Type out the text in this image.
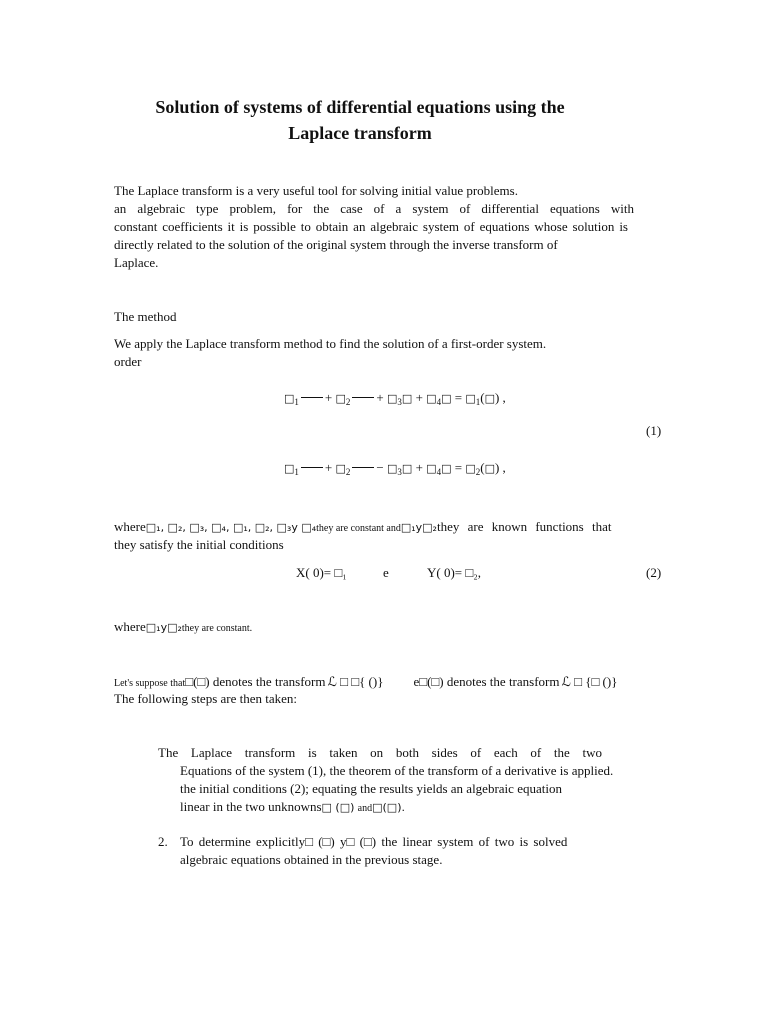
Solution of systems of differential equations using the
Laplace transform
The Laplace transform is a very useful tool for solving initial value problems.
an algebraic type problem, for the case of a system of differential equations with
constant coefficients it is possible to obtain an algebraic system of equations whose solution is
directly related to the solution of the original system through the inverse transform of
Laplace.
The method
We apply the Laplace transform method to find the solution of a first-order system.
order
$□_1$ + $□_2$ + $□_3□$ + $□_4□$ = $□_1(□)$ ,
(1)
$□_1$ + $□_2$ − $□_3□$ + $□_4□$ = $□_2(□)$ ,
where□₁, □₂, □₃, □₄, □₁, □₂, □₃y □₄they are constant and□₁y□₂they are known functions that
they satisfy the initial conditions
X( 0)= □₁	e	Y( 0)= □₂,	(2)
where□₁y□₂they are constant.
Let's suppose that□(□) denotes the transform ℒ □ □{ ()} e□(□) denotes the transform ℒ □ {□ ()}
The following steps are then taken:
The Laplace transform is taken on both sides of each of the two
Equations of the system (1), the theorem of the transform of a derivative is applied.
the initial conditions (2); equating the results yields an algebraic equation
linear in the two unknowns□ (□) and□(□).
2. To determine explicitly□ (□) y□ (□) the linear system of two is solved
algebraic equations obtained in the previous stage.
